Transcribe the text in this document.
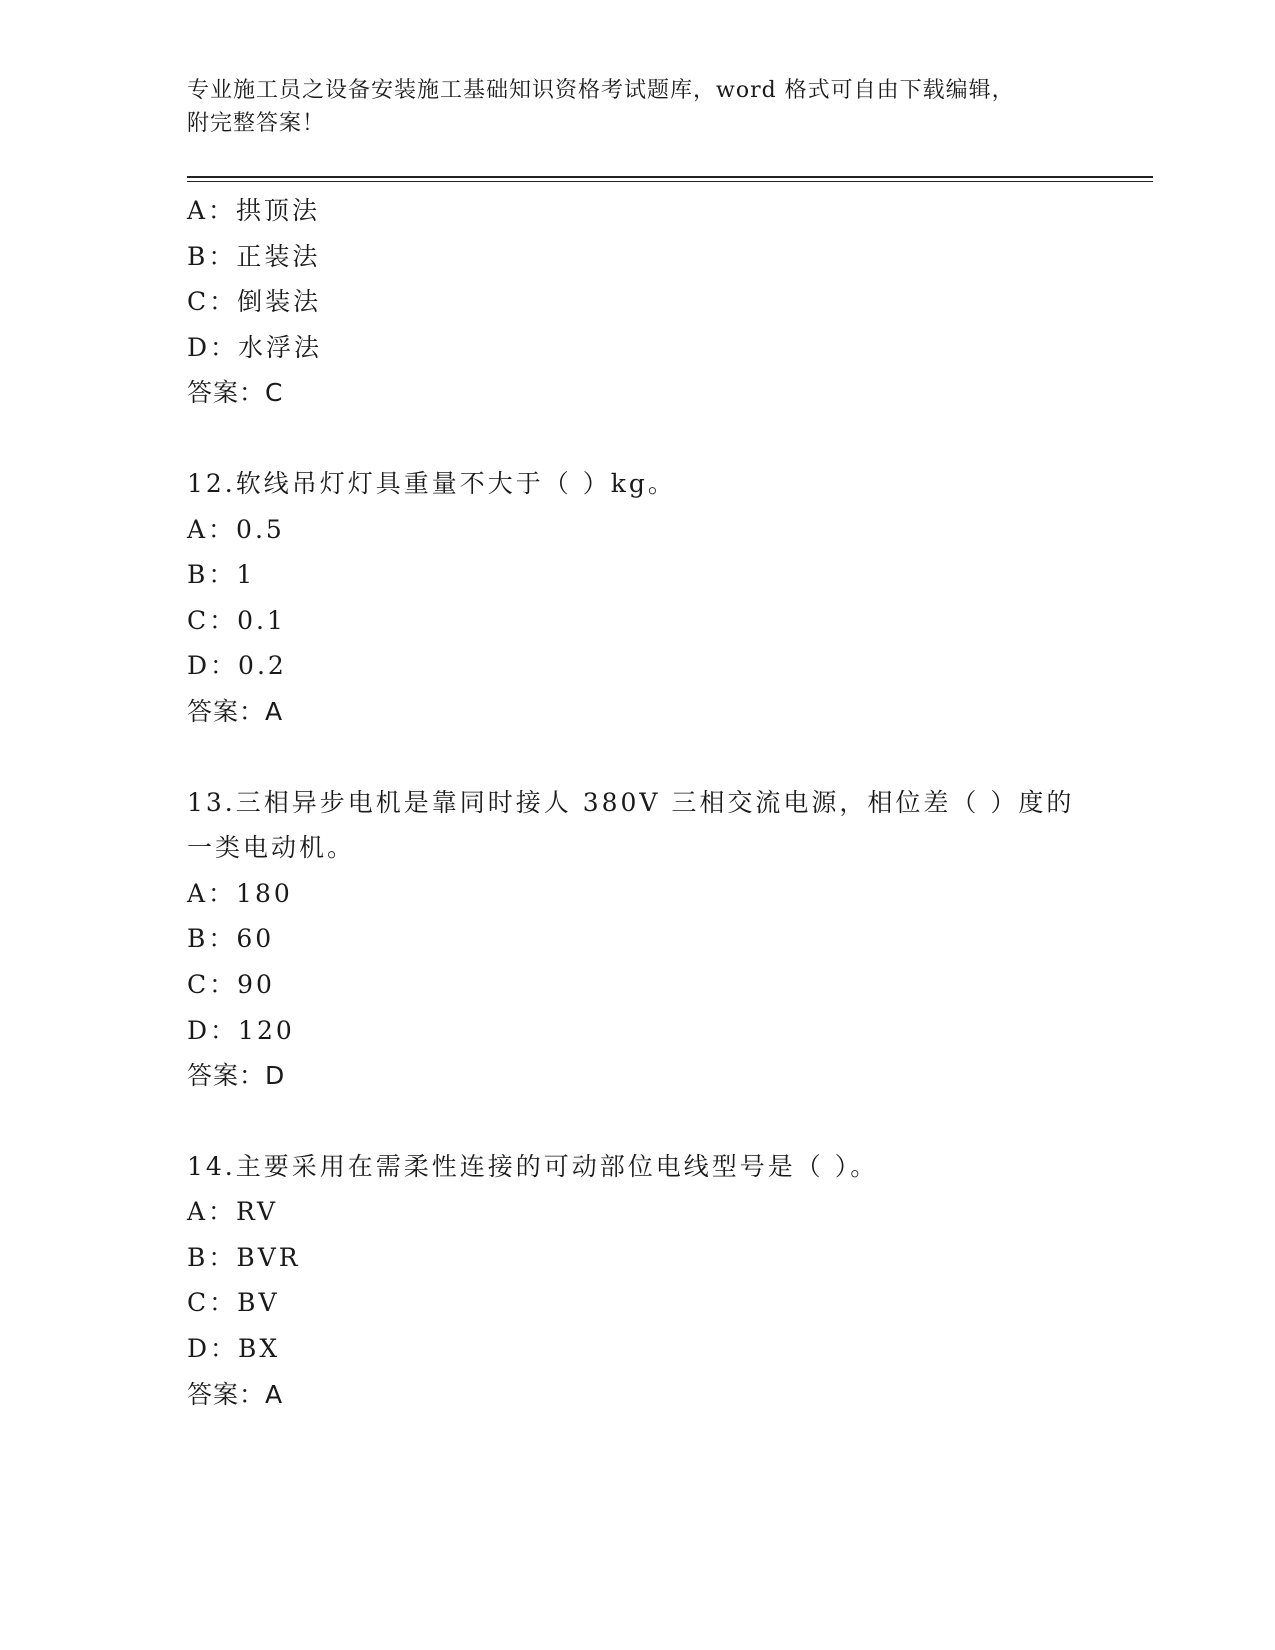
专业施工员之设备安装施工基础知识资格考试题库，word 格式可自由下载编辑，
附完整答案！
A：拱顶法
B：正装法
C：倒装法
D：水浮法
答案：C
12.软线吊灯灯具重量不大于（ ）kg。
A：0.5
B：1
C：0.1
D：0.2
答案：A
13.三相异步电机是靠同时接人 380V 三相交流电源，相位差（ ）度的
一类电动机。
A：180
B：60
C：90
D：120
答案：D
14.主要采用在需柔性连接的可动部位电线型号是（ ）。
A：RV
B：BVR
C：BV
D：BX
答案：A
